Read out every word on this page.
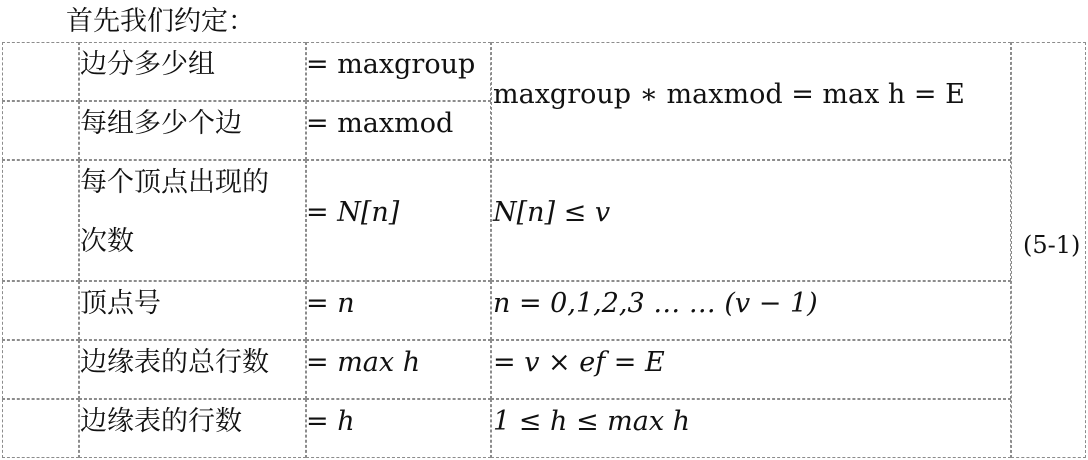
首先我们约定：
边分多少组
每组多少个边
每个顶点出现的
次数
顶点号
边缘表的总行数
边缘表的行数
= maxgroup
= maxmod
= N[n]
= n
= max h
= h
maxgroup ∗ maxmod = max h = E
N[n] ≤ v
n = 0,1,2,3 … … (v − 1)
= v × ef = E
1 ≤ h ≤ max h
(5-1)
